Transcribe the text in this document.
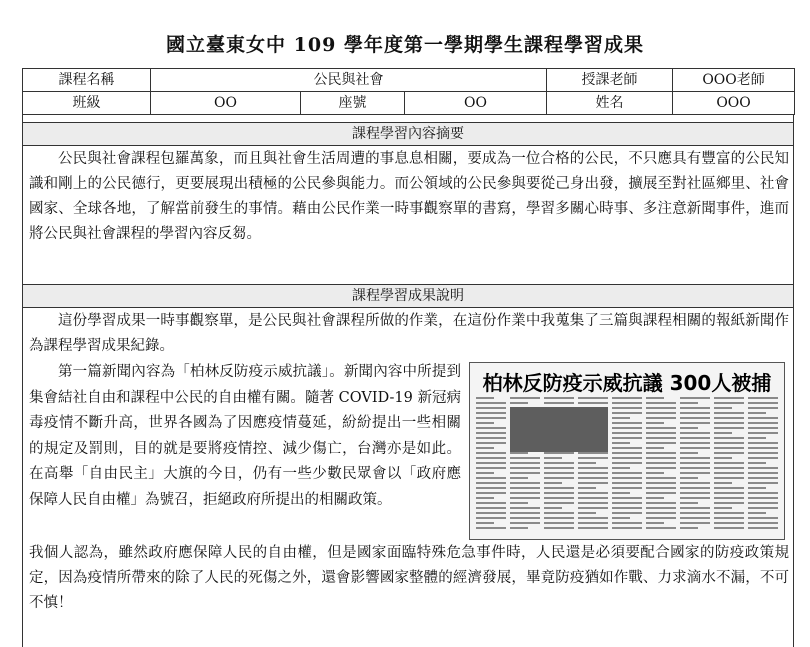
國立臺東女中 109 學年度第一學期學生課程學習成果
課程名稱	公民與社會			授課老師	OOO老師
班級	OO	座號	OO	姓名	OOO
課程學習內容摘要

公民與社會課程包羅萬象，而且與社會生活周遭的事息息相關，要成為一位合格的公民，不只應具有豐富的公民知識和剛上的公民德行，更要展現出積極的公民參與能力。而公領域的公民參與要從己身出發，擴展至對社區鄉里、社會國家、全球各地，了解當前發生的事情。藉由公民作業一時事觀察單的書寫，學習多關心時事、多注意新聞事件，進而將公民與社會課程的學習內容反芻。

課程學習成果說明

這份學習成果一時事觀察單，是公民與社會課程所做的作業，在這份作業中我蒐集了三篇與課程相關的報紙新聞作為課程學習成果紀錄。

第一篇新聞內容為「柏林反防疫示威抗議」。新聞內容中所提到集會結社自由和課程中公民的自由權有關。隨著 COVID-19 新冠病毒疫情不斷升高，世界各國為了因應疫情蔓延，紛紛提出一些相關的規定及罰則，目的就是要將疫情控、減少傷亡，台灣亦是如此。在高舉「自由民主」大旗的今日，仍有一些少數民眾會以「政府應保障人民自由權」為號召，拒絕政府所提出的相關政策。

柏林反防疫示威抗議 300人被捕

我個人認為，雖然政府應保障人民的自由權，但是國家面臨特殊危急事件時，人民還是必須要配合國家的防疫政策規定，因為疫情所帶來的除了人民的死傷之外，還會影響國家整體的經濟發展，畢竟防疫猶如作戰、力求滴水不漏，不可不慎！
